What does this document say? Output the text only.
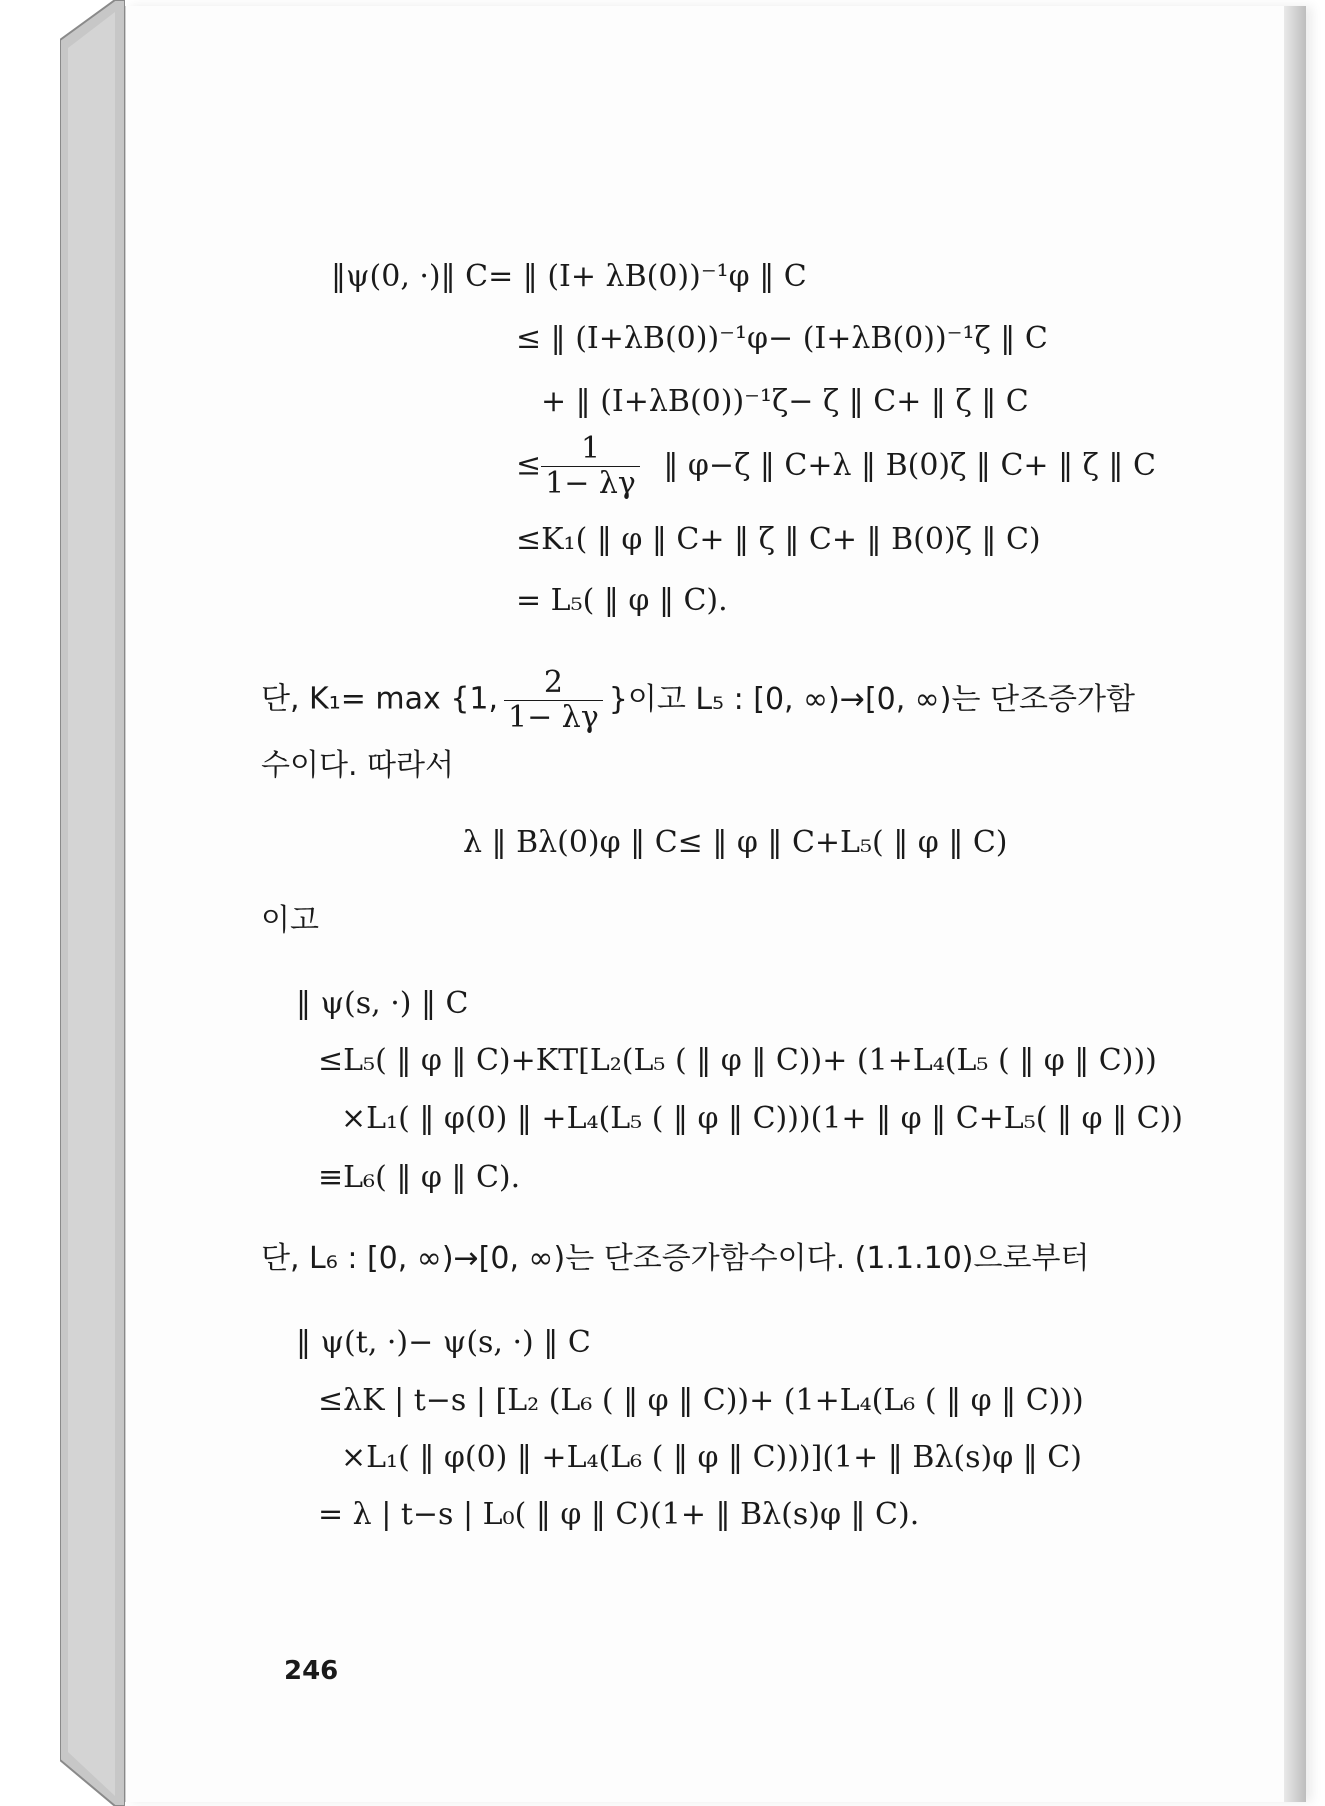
‖ψ(0, ·)‖ C= ‖ (I+ λB(0))⁻¹φ ‖ C
≤ ‖ (I+λB(0))⁻¹φ− (I+λB(0))⁻¹ζ ‖ C
+ ‖ (I+λB(0))⁻¹ζ− ζ ‖ C+ ‖ ζ ‖ C
≤ $\frac{1}{1- \lambda\gamma}$ ‖ φ−ζ ‖ C+λ ‖ B(0)ζ ‖ C+ ‖ ζ ‖ C
≤K₁( ‖ φ ‖ C+ ‖ ζ ‖ C+ ‖ B(0)ζ ‖ C)
= L₅( ‖ φ ‖ C).
단, K₁= max {1, $\frac{2}{1- \lambda\gamma}$ }이고 L₅ : [0, ∞)→[0, ∞)는 단조증가함
수이다. 따라서
λ ‖ Bλ(0)φ ‖ C≤ ‖ φ ‖ C+L₅( ‖ φ ‖ C)
이고
‖ ψ(s, ·) ‖ C
≤L₅( ‖ φ ‖ C)+KT[L₂(L₅ ( ‖ φ ‖ C))+ (1+L₄(L₅ ( ‖ φ ‖ C)))
×L₁( ‖ φ(0) ‖ +L₄(L₅ ( ‖ φ ‖ C)))(1+ ‖ φ ‖ C+L₅( ‖ φ ‖ C))
≡L₆( ‖ φ ‖ C).
단, L₆ : [0, ∞)→[0, ∞)는 단조증가함수이다. (1.1.10)으로부터
‖ ψ(t, ·)− ψ(s, ·) ‖ C
≤λK | t−s | [L₂ (L₆ ( ‖ φ ‖ C))+ (1+L₄(L₆ ( ‖ φ ‖ C)))
×L₁( ‖ φ(0) ‖ +L₄(L₆ ( ‖ φ ‖ C)))](1+ ‖ Bλ(s)φ ‖ C)
= λ | t−s | L₀( ‖ φ ‖ C)(1+ ‖ Bλ(s)φ ‖ C).
246
